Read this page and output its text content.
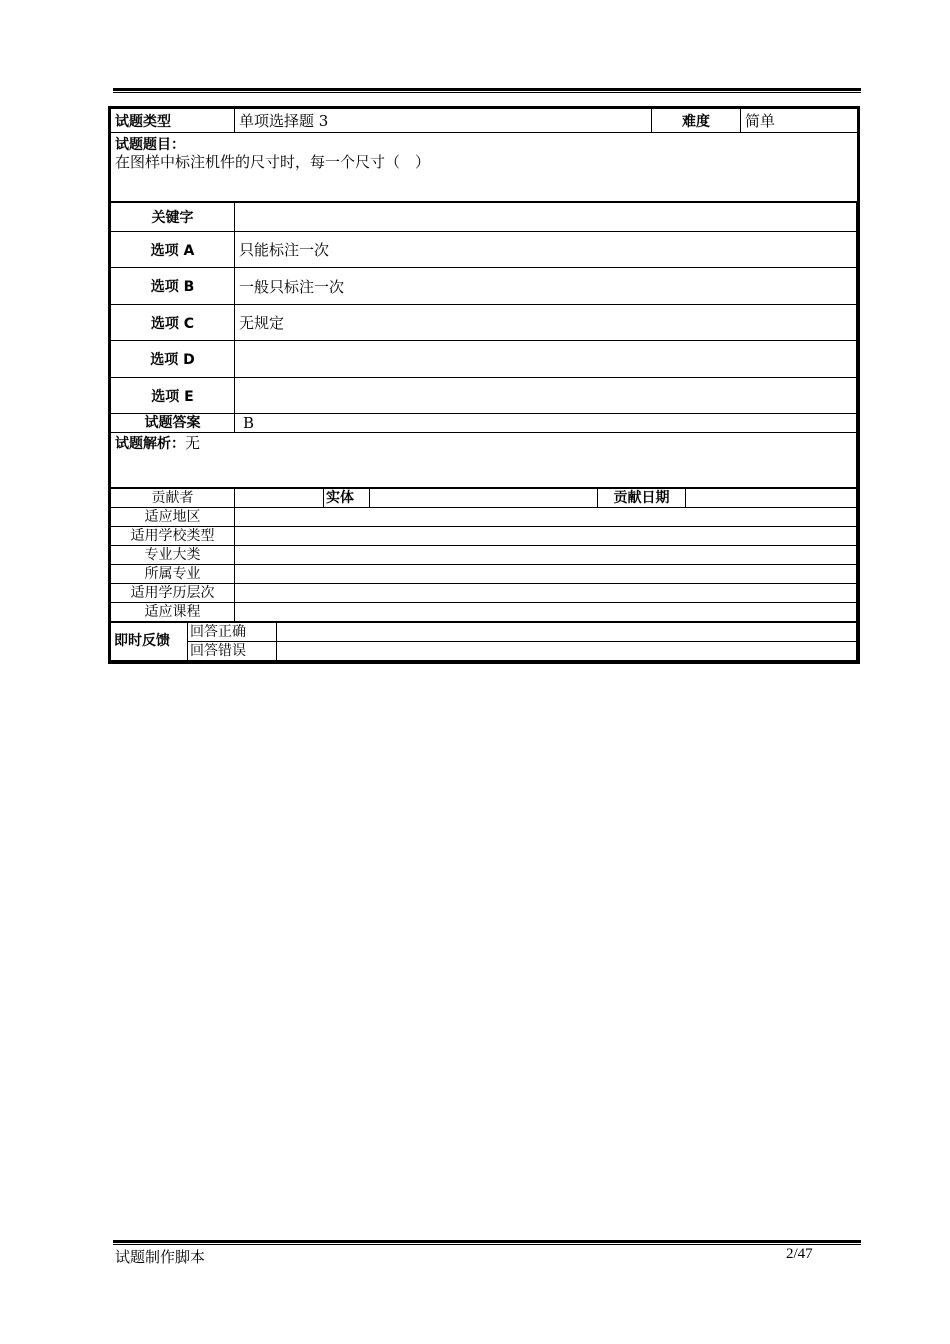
试题类型	单项选择题 3	难度	简单

试题题目：
在图样中标注机件的尺寸时，每一个尺寸（　）
关键字	
选项 A	只能标注一次
选项 B	一般只标注一次
选项 C	无规定
选项 D	
选项 E	
试题答案	B
试题解析：无	
贡献者		实体		贡献日期	
适应地区					
适用学校类型					
专业大类					
所属专业					
适用学历层次					
适应课程					
即时反馈	回答正确	
	回答错误	
试题制作脚本	2/47
